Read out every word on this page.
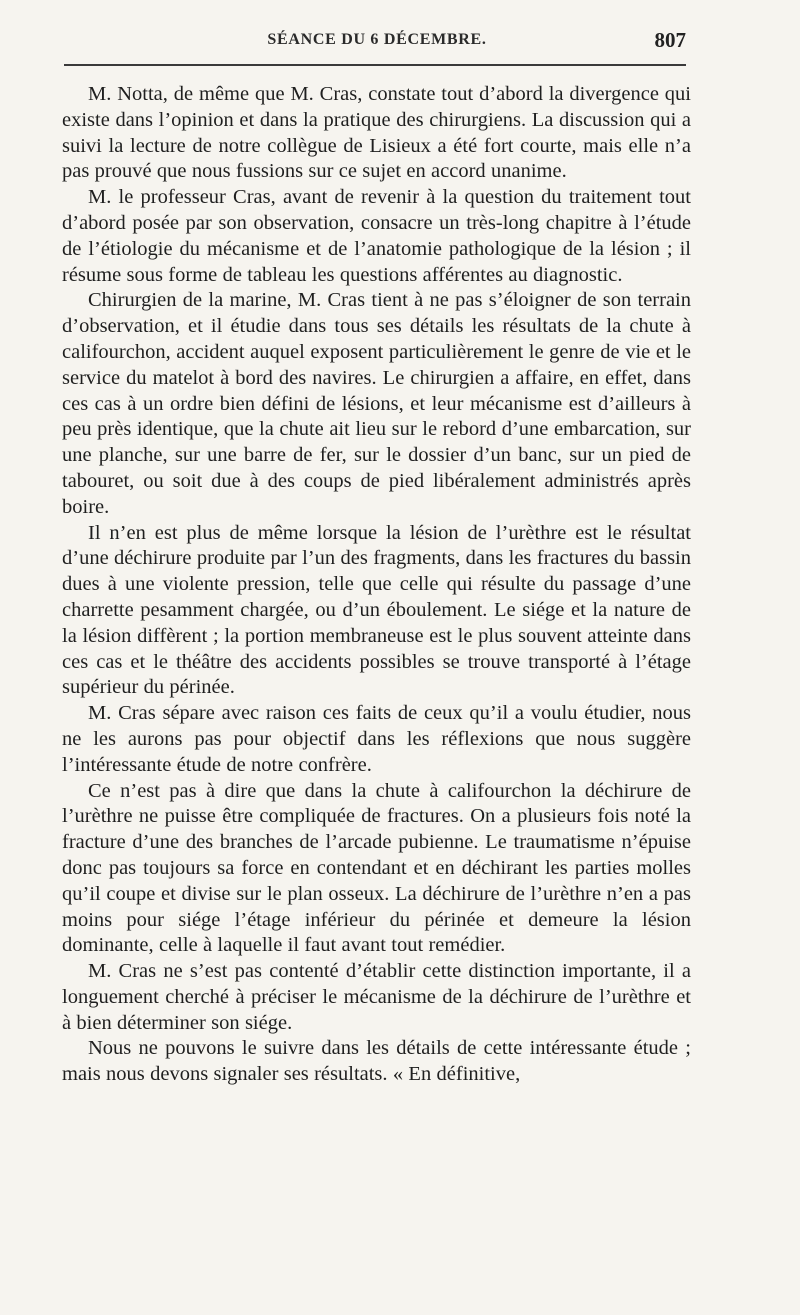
SÉANCE DU 6 DÉCEMBRE.	807

M. Notta, de même que M. Cras, constate tout d’abord la divergence qui existe dans l’opinion et dans la pratique des chirurgiens. La discussion qui a suivi la lecture de notre collègue de Lisieux a été fort courte, mais elle n’a pas prouvé que nous fussions sur ce sujet en accord unanime.

M. le professeur Cras, avant de revenir à la question du traitement tout d’abord posée par son observation, consacre un très-long chapitre à l’étude de l’étiologie du mécanisme et de l’anatomie pathologique de la lésion ; il résume sous forme de tableau les questions afférentes au diagnostic.

Chirurgien de la marine, M. Cras tient à ne pas s’éloigner de son terrain d’observation, et il étudie dans tous ses détails les résultats de la chute à califourchon, accident auquel exposent particulièrement le genre de vie et le service du matelot à bord des navires. Le chirurgien a affaire, en effet, dans ces cas à un ordre bien défini de lésions, et leur mécanisme est d’ailleurs à peu près identique, que la chute ait lieu sur le rebord d’une embarcation, sur une planche, sur une barre de fer, sur le dossier d’un banc, sur un pied de tabouret, ou soit due à des coups de pied libéralement administrés après boire.

Il n’en est plus de même lorsque la lésion de l’urèthre est le résultat d’une déchirure produite par l’un des fragments, dans les fractures du bassin dues à une violente pression, telle que celle qui résulte du passage d’une charrette pesamment chargée, ou d’un éboulement. Le siége et la nature de la lésion diffèrent ; la portion membraneuse est le plus souvent atteinte dans ces cas et le théâtre des accidents possibles se trouve transporté à l’étage supérieur du périnée.

M. Cras sépare avec raison ces faits de ceux qu’il a voulu étudier, nous ne les aurons pas pour objectif dans les réflexions que nous suggère l’intéressante étude de notre confrère.

Ce n’est pas à dire que dans la chute à califourchon la déchirure de l’urèthre ne puisse être compliquée de fractures. On a plusieurs fois noté la fracture d’une des branches de l’arcade pubienne. Le traumatisme n’épuise donc pas toujours sa force en contendant et en déchirant les parties molles qu’il coupe et divise sur le plan osseux. La déchirure de l’urèthre n’en a pas moins pour siége l’étage inférieur du périnée et demeure la lésion dominante, celle à laquelle il faut avant tout remédier.

M. Cras ne s’est pas contenté d’établir cette distinction importante, il a longuement cherché à préciser le mécanisme de la déchirure de l’urèthre et à bien déterminer son siége.

Nous ne pouvons le suivre dans les détails de cette intéressante étude ; mais nous devons signaler ses résultats. « En définitive,
